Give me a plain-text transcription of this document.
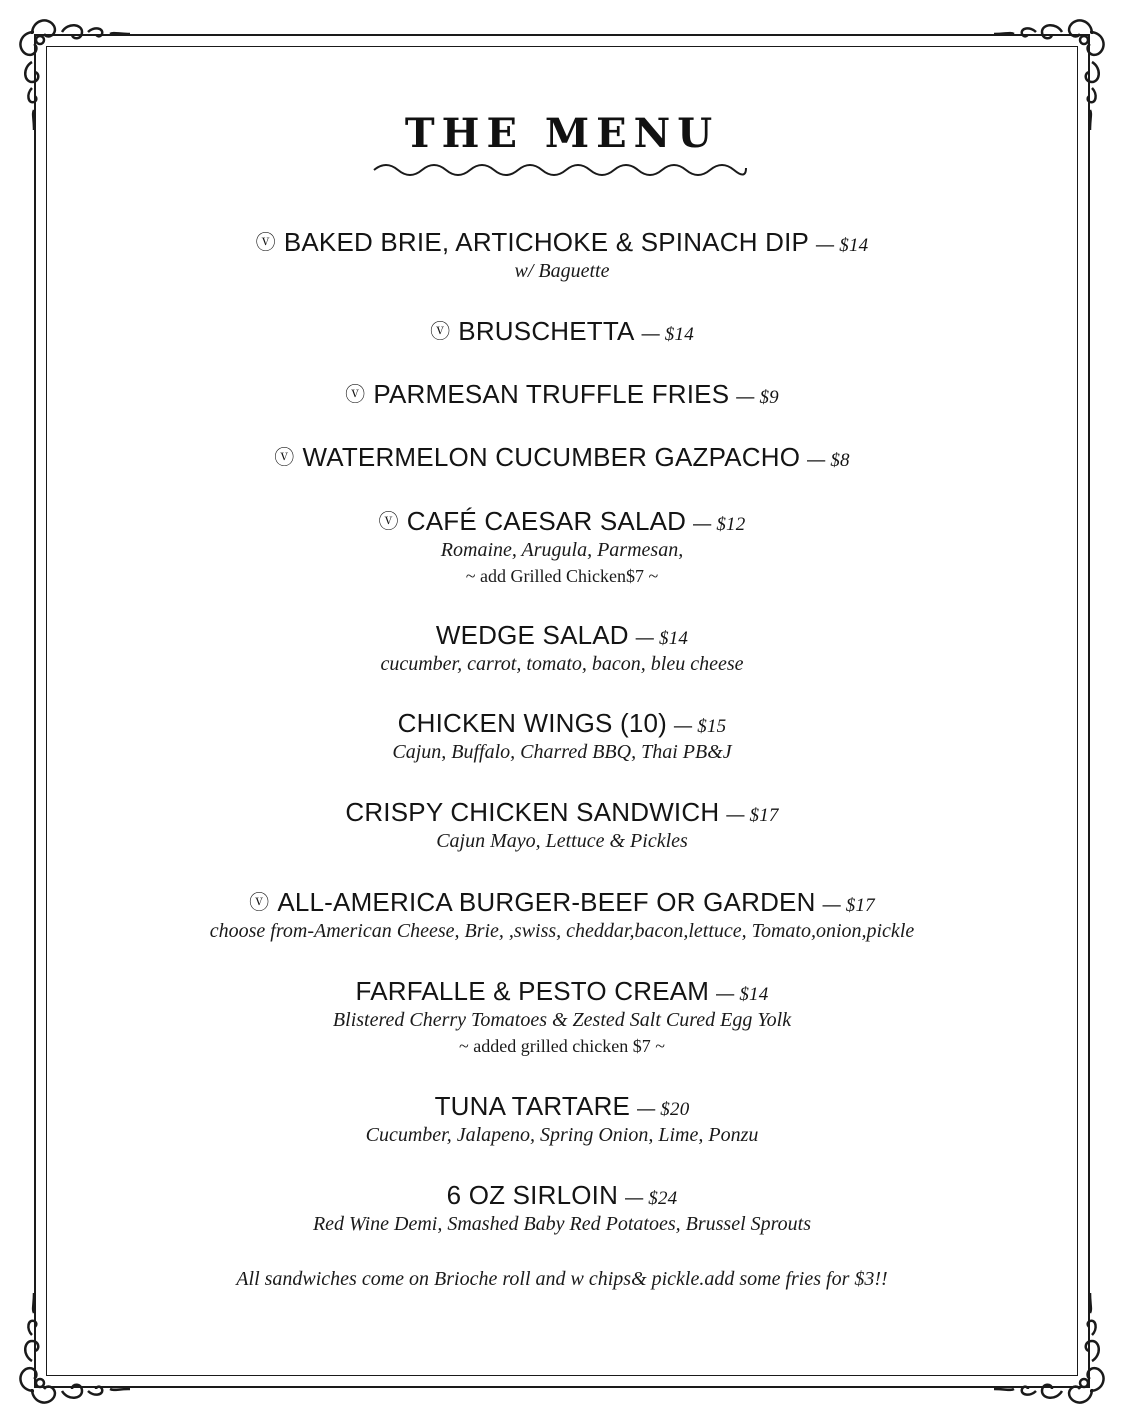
THE MENU
ⓥ BAKED BRIE, ARTICHOKE & SPINACH DIP — $14
w/ Baguette
ⓥ BRUSCHETTA — $14
ⓥ PARMESAN TRUFFLE FRIES — $9
ⓥ WATERMELON CUCUMBER GAZPACHO — $8
ⓥ CAFÉ CAESAR SALAD — $12
Romaine, Arugula, Parmesan,
~ add Grilled Chicken$7 ~
WEDGE SALAD — $14
cucumber, carrot, tomato, bacon, bleu cheese
CHICKEN WINGS (10) — $15
Cajun, Buffalo, Charred BBQ, Thai PB&J
CRISPY CHICKEN SANDWICH — $17
Cajun Mayo, Lettuce & Pickles
ⓥ ALL-AMERICA BURGER-BEEF OR GARDEN — $17
choose from-American Cheese, Brie, ,swiss, cheddar,bacon,lettuce, Tomato,onion,pickle
FARFALLE & PESTO CREAM — $14
Blistered Cherry Tomatoes & Zested Salt Cured Egg Yolk
~ added grilled chicken $7 ~
TUNA TARTARE — $20
Cucumber, Jalapeno, Spring Onion, Lime, Ponzu
6 OZ SIRLOIN — $24
Red Wine Demi, Smashed Baby Red Potatoes, Brussel Sprouts
All sandwiches come on Brioche roll and w chips& pickle.add some fries for $3!!
